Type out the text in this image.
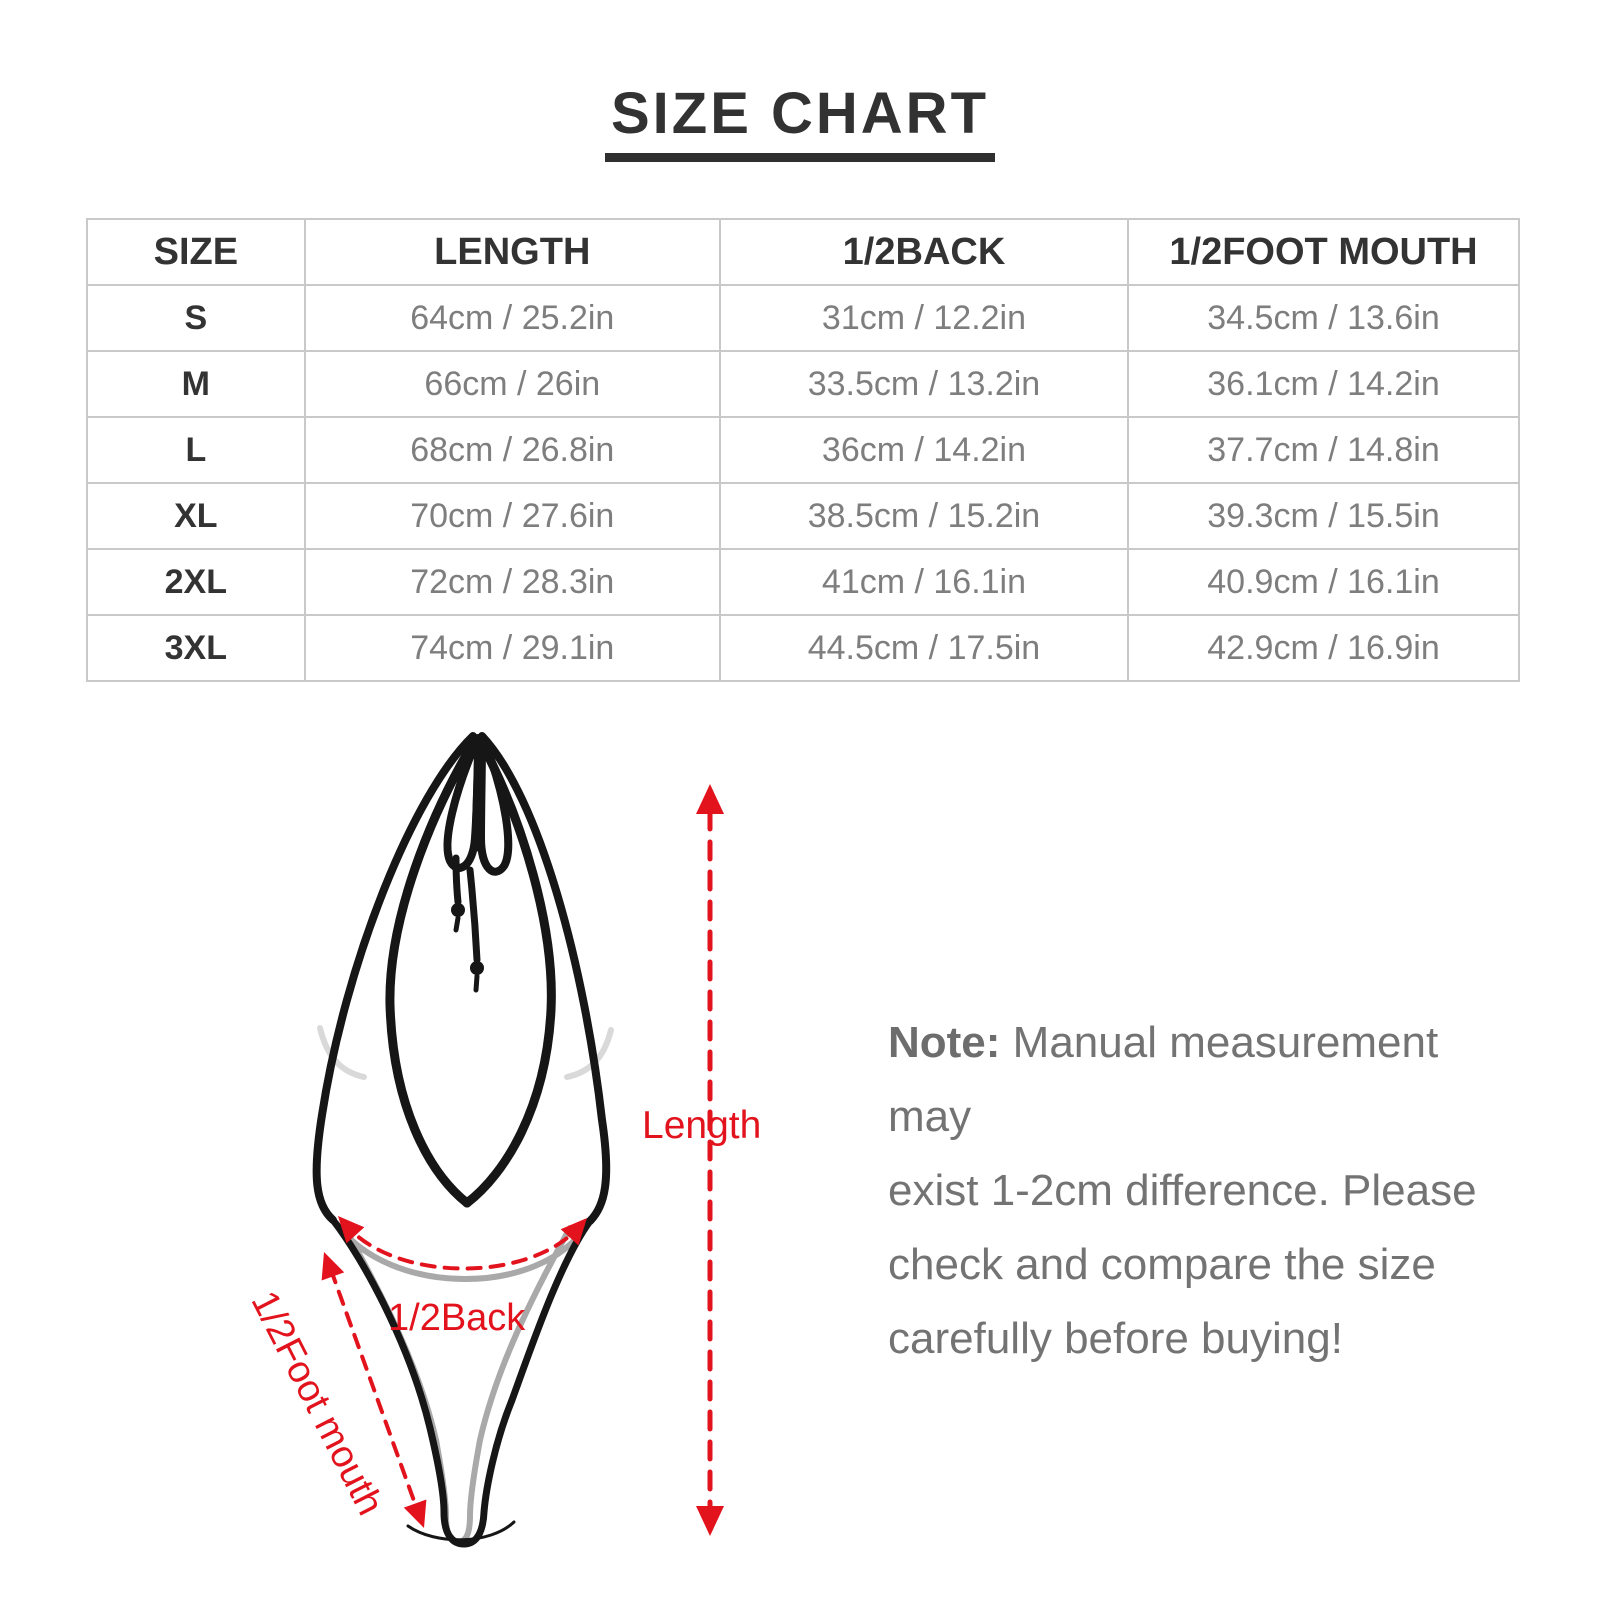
SIZE CHART
SIZE	LENGTH	1/2BACK	1/2FOOT MOUTH
S	64cm / 25.2in	31cm / 12.2in	34.5cm / 13.6in
M	66cm / 26in	33.5cm / 13.2in	36.1cm / 14.2in
L	68cm / 26.8in	36cm / 14.2in	37.7cm / 14.8in
XL	70cm / 27.6in	38.5cm / 15.2in	39.3cm / 15.5in
2XL	72cm / 28.3in	41cm / 16.1in	40.9cm / 16.1in
3XL	74cm / 29.1in	44.5cm / 17.5in	42.9cm / 16.9in
Length
1/2Back
1/2Foot mouth
Note: Manual measurement may
exist 1-2cm difference. Please
check and compare the size
carefully before buying!
